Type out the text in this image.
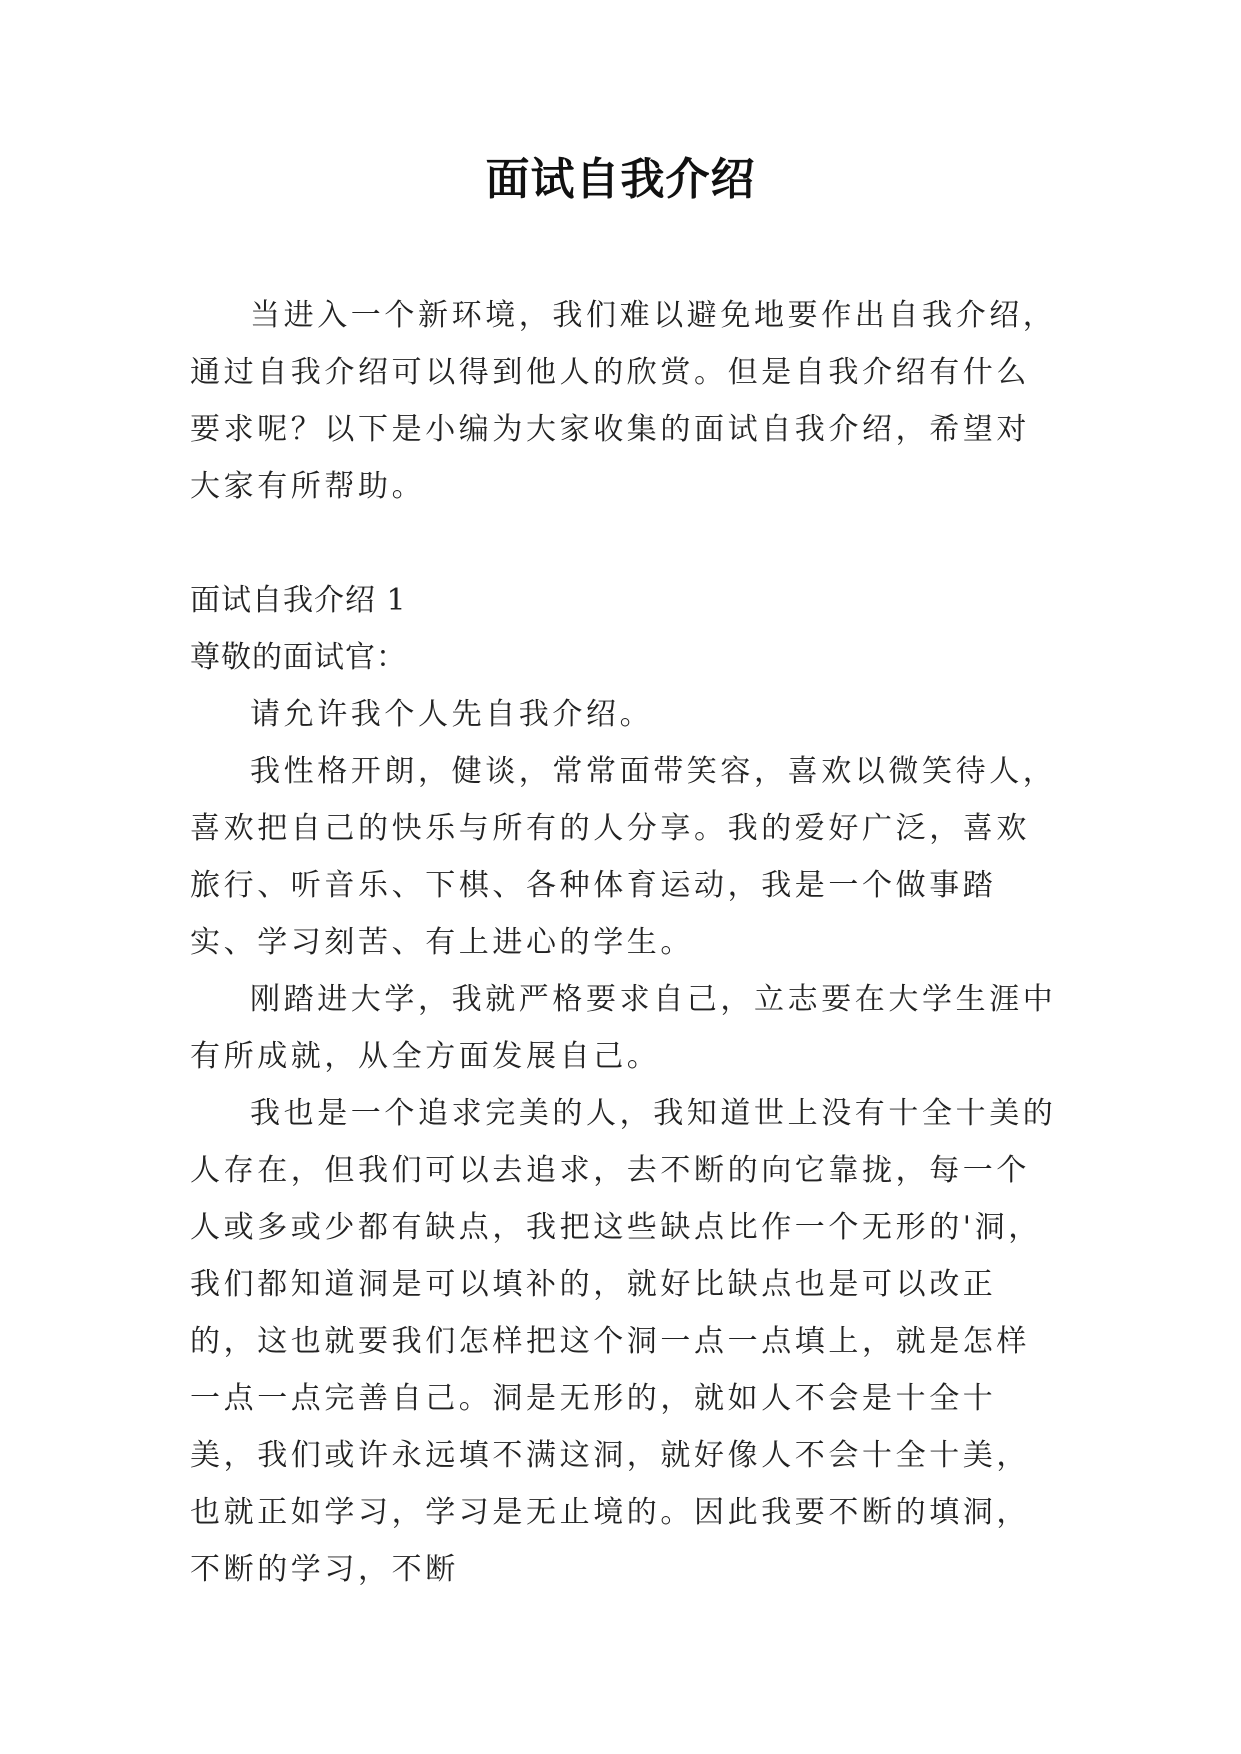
面试自我介绍

当进入一个新环境，我们难以避免地要作出自我介绍，通过自我介绍可以得到他人的欣赏。但是自我介绍有什么要求呢？以下是小编为大家收集的面试自我介绍，希望对大家有所帮助。

面试自我介绍 1

尊敬的面试官：

请允许我个人先自我介绍。

我性格开朗，健谈，常常面带笑容，喜欢以微笑待人，喜欢把自己的快乐与所有的人分享。我的爱好广泛，喜欢旅行、听音乐、下棋、各种体育运动，我是一个做事踏实、学习刻苦、有上进心的学生。

刚踏进大学，我就严格要求自己，立志要在大学生涯中有所成就，从全方面发展自己。

我也是一个追求完美的人，我知道世上没有十全十美的人存在，但我们可以去追求，去不断的向它靠拢，每一个人或多或少都有缺点，我把这些缺点比作一个无形的'洞，我们都知道洞是可以填补的，就好比缺点也是可以改正的，这也就要我们怎样把这个洞一点一点填上，就是怎样一点一点完善自己。洞是无形的，就如人不会是十全十美，我们或许永远填不满这洞，就好像人不会十全十美，也就正如学习，学习是无止境的。因此我要不断的填洞，不断的学习，不断
